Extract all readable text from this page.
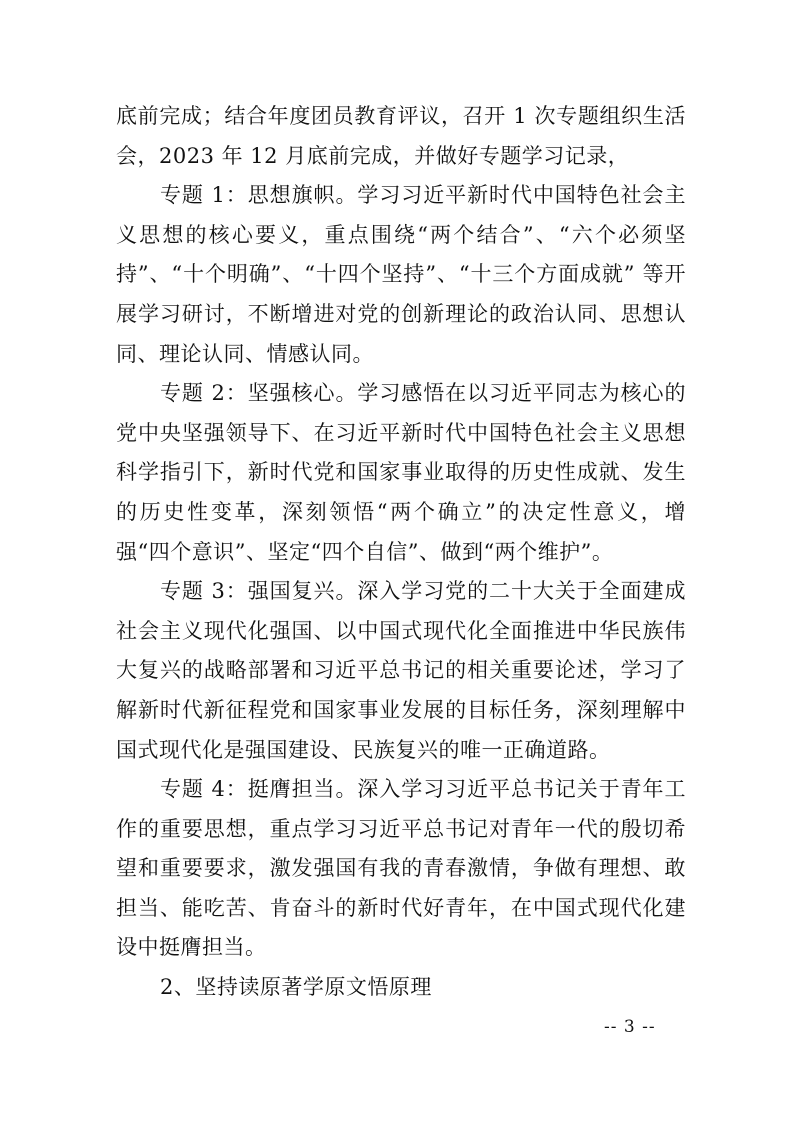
底前完成；结合年度团员教育评议，召开 1 次专题组织生活会，2023 年 12 月底前完成，并做好专题学习记录，

专题 1：思想旗帜。学习习近平新时代中国特色社会主义思想的核心要义，重点围绕“两个结合”、“六个必须坚持”、“十个明确”、“十四个坚持”、“十三个方面成就” 等开展学习研讨，不断增进对党的创新理论的政治认同、思想认同、理论认同、情感认同。

专题 2：坚强核心。学习感悟在以习近平同志为核心的党中央坚强领导下、在习近平新时代中国特色社会主义思想科学指引下，新时代党和国家事业取得的历史性成就、发生的历史性变革，深刻领悟“两个确立”的决定性意义，增强“四个意识”、坚定“四个自信”、做到“两个维护”。

专题 3：强国复兴。深入学习党的二十大关于全面建成社会主义现代化强国、以中国式现代化全面推进中华民族伟大复兴的战略部署和习近平总书记的相关重要论述，学习了解新时代新征程党和国家事业发展的目标任务，深刻理解中国式现代化是强国建设、民族复兴的唯一正确道路。

专题 4：挺膺担当。深入学习习近平总书记关于青年工作的重要思想，重点学习习近平总书记对青年一代的殷切希望和重要要求，激发强国有我的青春激情，争做有理想、敢担当、能吃苦、肯奋斗的新时代好青年，在中国式现代化建设中挺膺担当。

2、坚持读原著学原文悟原理

-- 3 --
